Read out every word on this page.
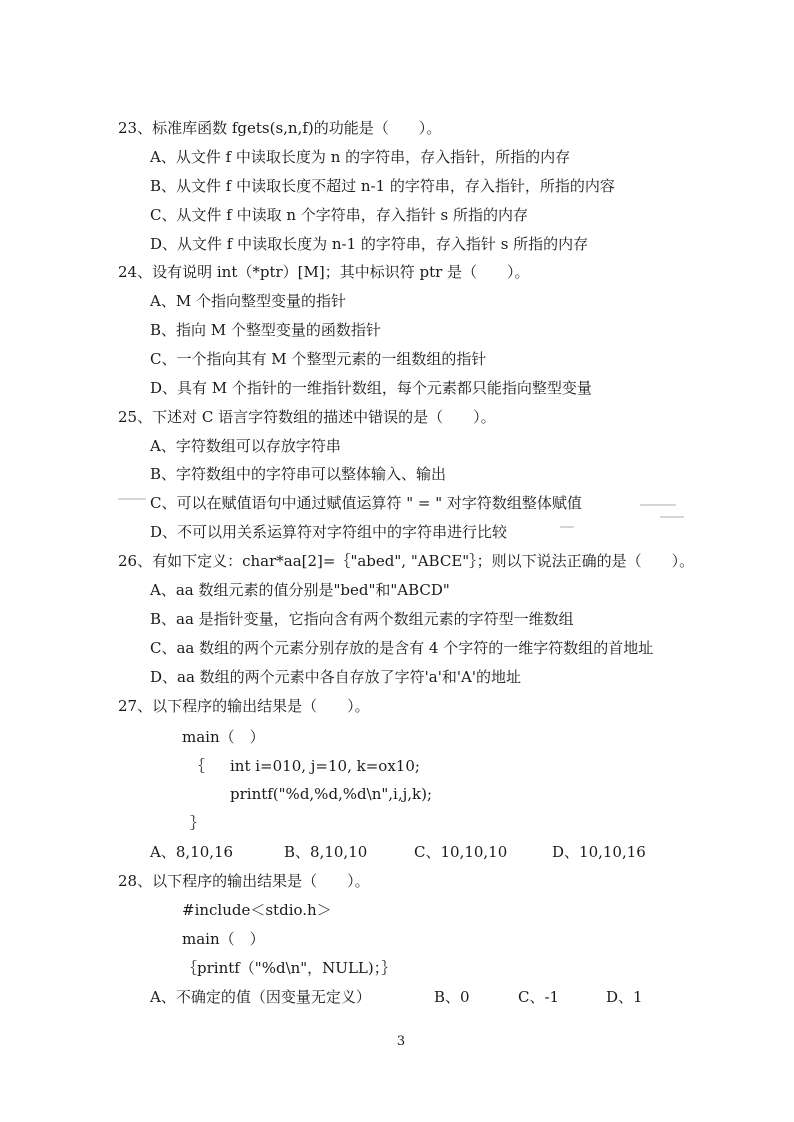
23、标准库函数 fgets(s,n,f)的功能是（　　）。
A、从文件 f 中读取长度为 n 的字符串，存入指针，所指的内存
B、从文件 f 中读取长度不超过 n-1 的字符串，存入指针，所指的内容
C、从文件 f 中读取 n 个字符串，存入指针 s 所指的内存
D、从文件 f 中读取长度为 n-1 的字符串，存入指针 s 所指的内存
24、设有说明 int（*ptr）[M]；其中标识符 ptr 是（　　）。
A、M 个指向整型变量的指针
B、指向 M 个整型变量的函数指针
C、一个指向其有 M 个整型元素的一组数组的指针
D、具有 M 个指针的一维指针数组，每个元素都只能指向整型变量
25、下述对 C 语言字符数组的描述中错误的是（　　）。
A、字符数组可以存放字符串
B、字符数组中的字符串可以整体输入、输出
C、可以在赋值语句中通过赋值运算符 " = " 对字符数组整体赋值
D、不可以用关系运算符对字符组中的字符串进行比较
26、有如下定义：char*aa[2]=｛"abed", "ABCE"｝；则以下说法正确的是（　　）。
A、aa 数组元素的值分别是"bed"和"ABCD"
B、aa 是指针变量，它指向含有两个数组元素的字符型一维数组
C、aa 数组的两个元素分别存放的是含有 4 个字符的一维字符数组的首地址
D、aa 数组的两个元素中各自存放了字符'a'和'A'的地址
27、以下程序的输出结果是（　　）。
main（　）
｛ int i=010, j=10, k=ox10;
printf("%d,%d,%d\n",i,j,k);
｝
A、8,10,16	B、8,10,10	C、10,10,10	D、10,10,16
28、以下程序的输出结果是（　　）。
#include＜stdio.h＞
main（　）
｛printf（"%d\n"，NULL)；｝
A、不确定的值（因变量无定义）	B、0	C、-1	D、1
3
